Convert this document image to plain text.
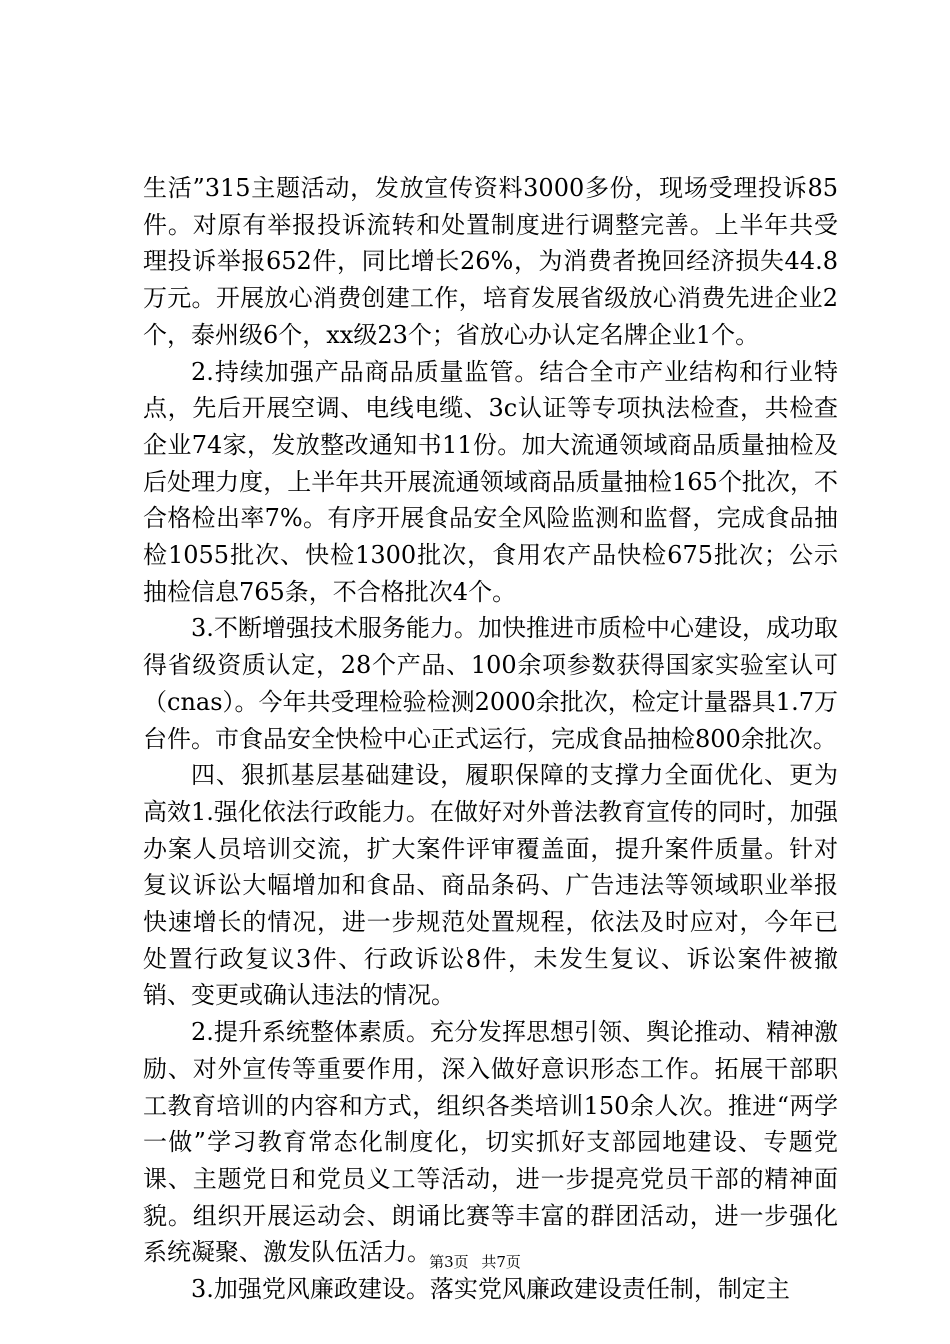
生活”315主题活动，发放宣传资料3000多份，现场受理投诉85件。对原有举报投诉流转和处置制度进行调整完善。上半年共受理投诉举报652件，同比增长26%，为消费者挽回经济损失44.8万元。开展放心消费创建工作，培育发展省级放心消费先进企业2个，泰州级6个，xx级23个；省放心办认定名牌企业1个。

2.持续加强产品商品质量监管。结合全市产业结构和行业特点，先后开展空调、电线电缆、3c认证等专项执法检查，共检查企业74家，发放整改通知书11份。加大流通领域商品质量抽检及后处理力度，上半年共开展流通领域商品质量抽检165个批次，不合格检出率7%。有序开展食品安全风险监测和监督，完成食品抽检1055批次、快检1300批次，食用农产品快检675批次；公示抽检信息765条，不合格批次4个。

3.不断增强技术服务能力。加快推进市质检中心建设，成功取得省级资质认定，28个产品、100余项参数获得国家实验室认可（cnas）。今年共受理检验检测2000余批次，检定计量器具1.7万台件。市食品安全快检中心正式运行，完成食品抽检800余批次。

四、狠抓基层基础建设，履职保障的支撑力全面优化、更为高效1.强化依法行政能力。在做好对外普法教育宣传的同时，加强办案人员培训交流，扩大案件评审覆盖面，提升案件质量。针对复议诉讼大幅增加和食品、商品条码、广告违法等领域职业举报快速增长的情况，进一步规范处置规程，依法及时应对，今年已处置行政复议3件、行政诉讼8件，未发生复议、诉讼案件被撤销、变更或确认违法的情况。

2.提升系统整体素质。充分发挥思想引领、舆论推动、精神激励、对外宣传等重要作用，深入做好意识形态工作。拓展干部职工教育培训的内容和方式，组织各类培训150余人次。推进“两学一做”学习教育常态化制度化，切实抓好支部园地建设、专题党课、主题党日和党员义工等活动，进一步提亮党员干部的精神面貌。组织开展运动会、朗诵比赛等丰富的群团活动，进一步强化系统凝聚、激发队伍活力。

3.加强党风廉政建设。落实党风廉政建设责任制，制定主

第3页 共7页
